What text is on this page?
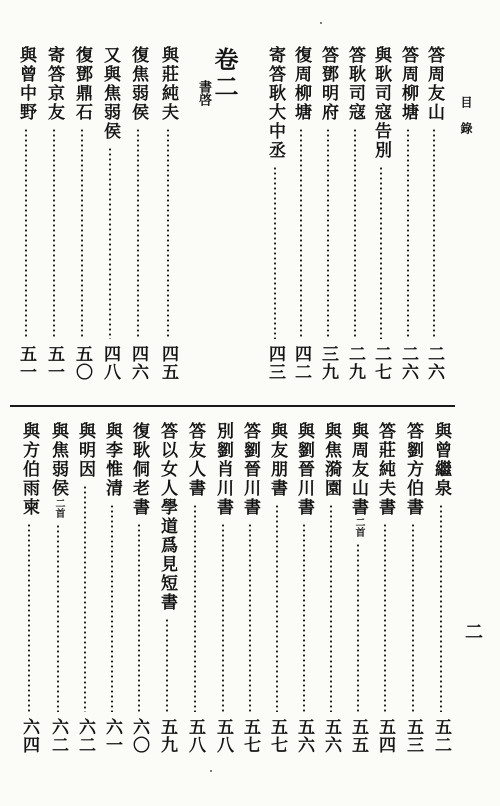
目錄
二
卷二
書啓	答周友山
二六
答周柳塘
二六
與耿司寇告別
二七
答耿司寇
二九
答鄧明府
三九
復周柳塘
四二
寄答耿大中丞
四三
與莊純夫
四五
復焦弱侯
四六
又與焦弱侯
四八
復鄧鼎石
五〇
寄答京友
五一
與曾中野
五一
與曾繼泉
五二
答劉方伯書
五三
答莊純夫書
五四
與周友山書二首
五五
與焦漪園
五六
與劉晉川書
五六
與友朋書
五七
答劉晉川書
五七
別劉肖川書
五八
答友人書
五八
答以女人學道爲見短書
五九
復耿侗老書
六〇
與李惟清
六一
與明因
六二
與焦弱侯二首
六二
與方伯雨柬
六四
